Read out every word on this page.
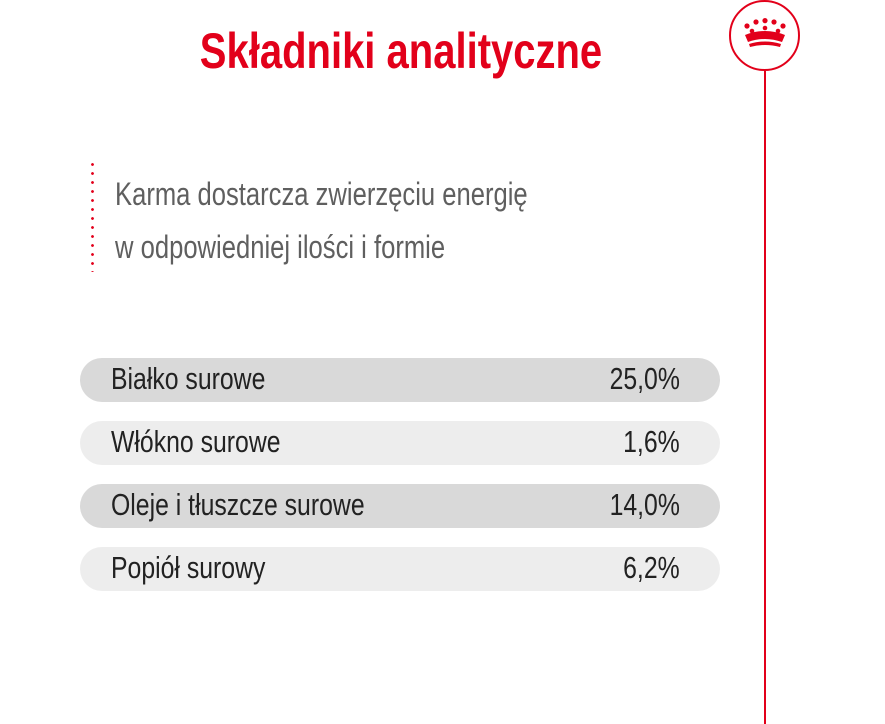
Składniki analityczne
Karma dostarcza zwierzęciu energię
w odpowiedniej ilości i formie
Białko surowe	25,0%
Włókno surowe	1,6%
Oleje i tłuszcze surowe	14,0%
Popiół surowy	6,2%
